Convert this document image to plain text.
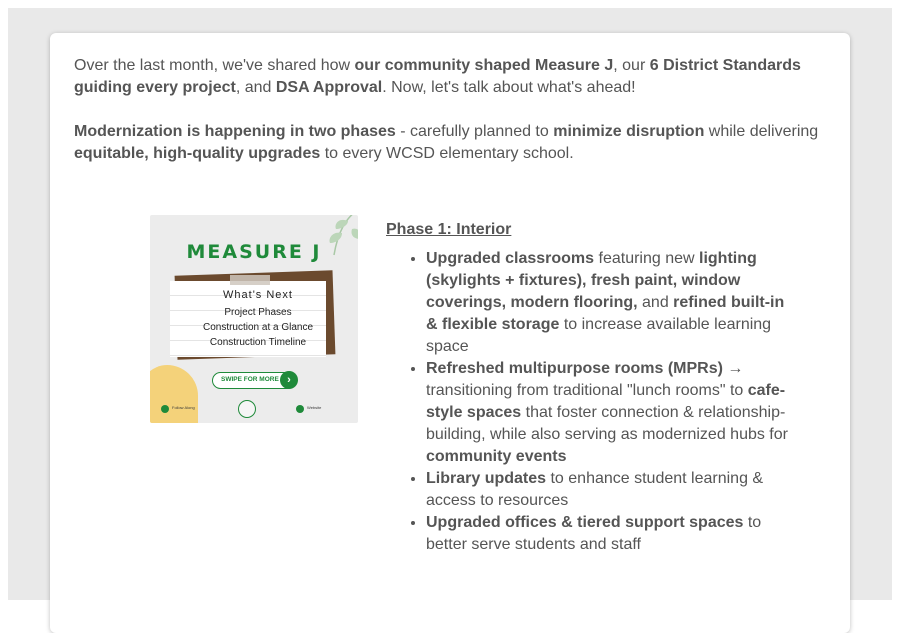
Over the last month, we've shared how our community shaped Measure J, our 6 District Standards guiding every project, and DSA Approval. Now, let's talk about what's ahead!

Modernization is happening in two phases - carefully planned to minimize disruption while delivering equitable, high-quality upgrades to every WCSD elementary school.

MEASURE J
What's Next
Project Phases
Construction at a Glance
Construction Timeline
SWIPE FOR MORE ›
Follow Along	Website
Phase 1: Interior
• Upgraded classrooms featuring new lighting (skylights + fixtures), fresh paint, window coverings, modern flooring, and refined built-in & flexible storage to increase available learning space
• Refreshed multipurpose rooms (MPRs) → transitioning from traditional "lunch rooms" to cafe-style spaces that foster connection & relationship-building, while also serving as modernized hubs for community events
• Library updates to enhance student learning & access to resources
• Upgraded offices & tiered support spaces to better serve students and staff
